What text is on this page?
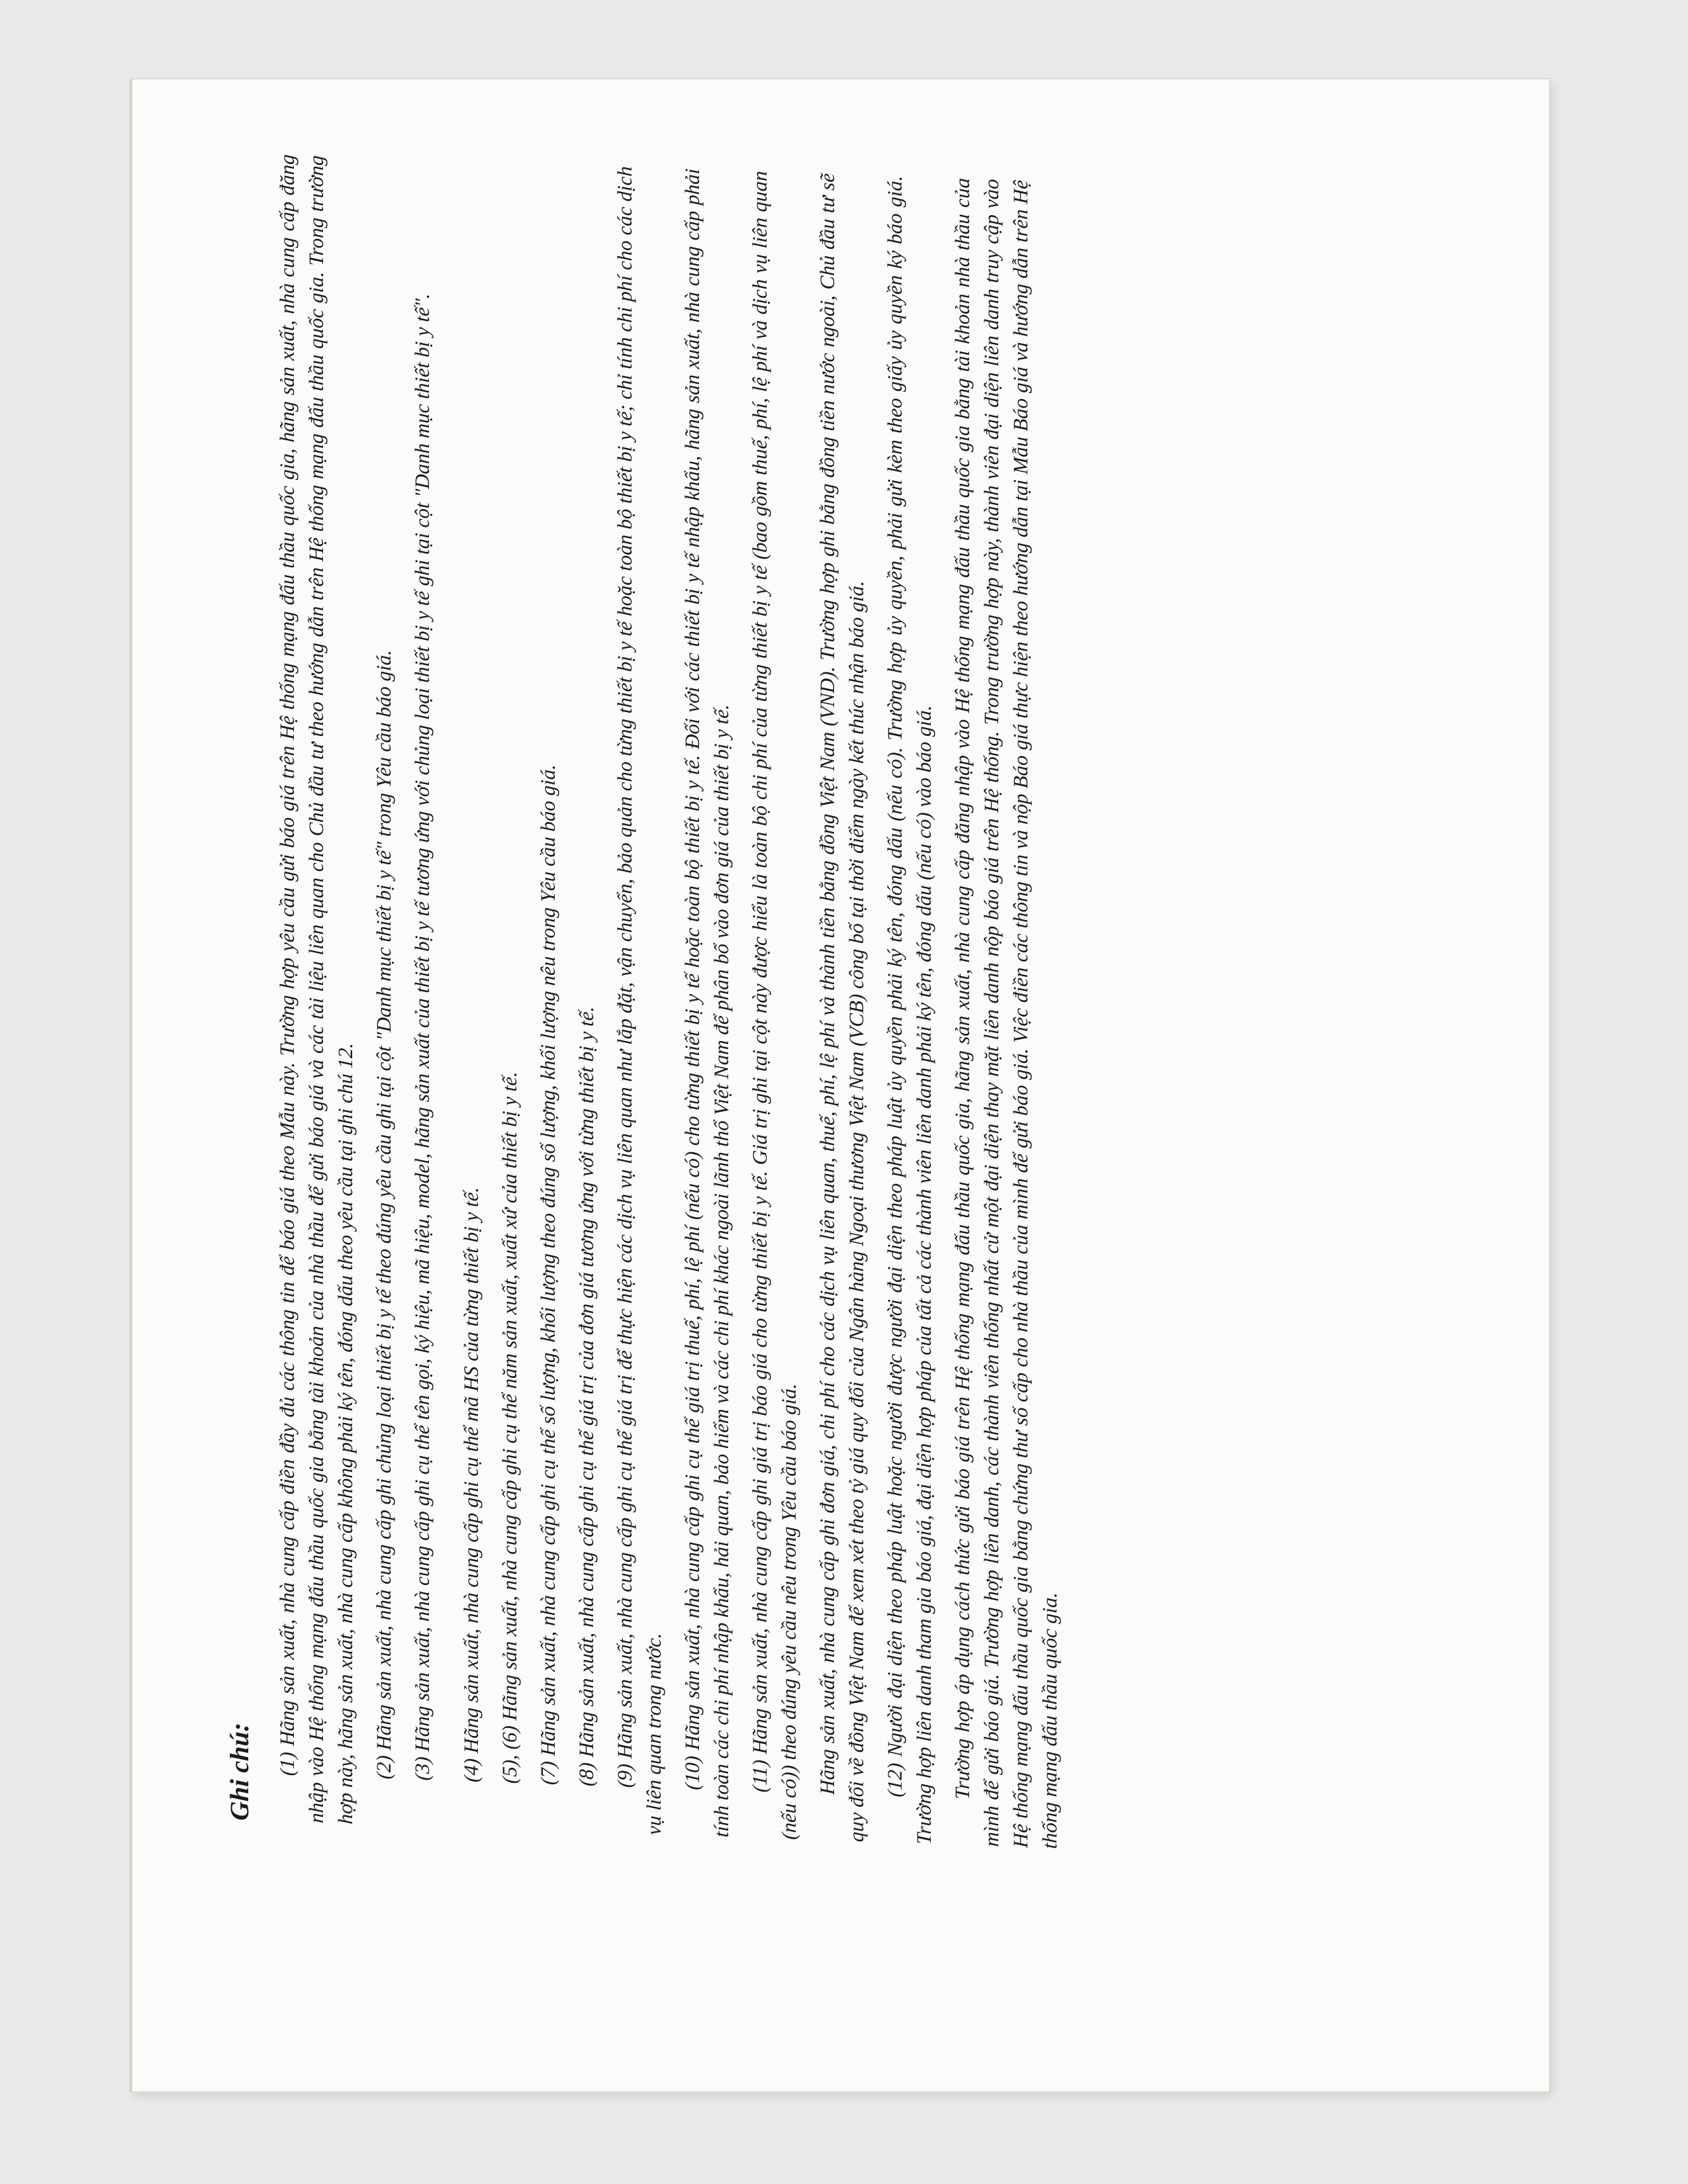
Ghi chú: (1) Hãng sản xuất, nhà cung cấp điền đầy đủ các thông tin để báo giá theo Mẫu này. Trường hợp yêu cầu gửi báo giá trên Hệ thống mạng đấu thầu quốc gia, hãng sản xuất, nhà cung cấp đăng nhập vào Hệ thống mạng đấu thầu quốc gia bằng tài khoản của nhà thầu để gửi báo giá và các tài liệu liên quan cho Chủ đầu tư theo hướng dẫn trên Hệ thống mạng đấu thầu quốc gia. Trong trường hợp này, hãng sản xuất, nhà cung cấp không phải ký tên, đóng dấu theo yêu cầu tại ghi chú 12. (2) Hãng sản xuất, nhà cung cấp ghi chủng loại thiết bị y tế theo đúng yêu cầu ghi tại cột "Danh mục thiết bị y tế" trong Yêu cầu báo giá. (3) Hãng sản xuất, nhà cung cấp ghi cụ thể tên gọi, ký hiệu, mã hiệu, model, hãng sản xuất của thiết bị y tế tương ứng với chủng loại thiết bị y tế ghi tại cột "Danh mục thiết bị y tế". (4) Hãng sản xuất, nhà cung cấp ghi cụ thể mã HS của từng thiết bị y tế. (5), (6) Hãng sản xuất, nhà cung cấp ghi cụ thể năm sản xuất, xuất xứ của thiết bị y tế. (7) Hãng sản xuất, nhà cung cấp ghi cụ thể số lượng, khối lượng theo đúng số lượng, khối lượng nêu trong Yêu cầu báo giá. (8) Hãng sản xuất, nhà cung cấp ghi cụ thể giá trị của đơn giá tương ứng với từng thiết bị y tế. (9) Hãng sản xuất, nhà cung cấp ghi cụ thể giá trị để thực hiện các dịch vụ liên quan như lắp đặt, vận chuyển, bảo quản cho từng thiết bị y tế hoặc toàn bộ thiết bị y tế; chỉ tính chi phí cho các dịch vụ liên quan trong nước. (10) Hãng sản xuất, nhà cung cấp ghi cụ thể giá trị thuế, phí, lệ phí (nếu có) cho từng thiết bị y tế hoặc toàn bộ thiết bị y tế. Đối với các thiết bị y tế nhập khẩu, hãng sản xuất, nhà cung cấp phải tính toàn các chi phí nhập khẩu, hải quan, bảo hiểm và các chi phí khác ngoài lãnh thổ Việt Nam để phân bổ vào đơn giá của thiết bị y tế. (11) Hãng sản xuất, nhà cung cấp ghi giá trị báo giá cho từng thiết bị y tế. Giá trị ghi tại cột này được hiểu là toàn bộ chi phí của từng thiết bị y tế (bao gồm thuế, phí, lệ phí và dịch vụ liên quan (nếu có)) theo đúng yêu cầu nêu trong Yêu cầu báo giá. Hãng sản xuất, nhà cung cấp ghi đơn giá, chi phí cho các dịch vụ liên quan, thuế, phí, lệ phí và thành tiền bằng đồng Việt Nam (VND). Trường hợp ghi bằng đồng tiền nước ngoài, Chủ đầu tư sẽ quy đổi về đồng Việt Nam để xem xét theo tỷ giá quy đổi của Ngân hàng Ngoại thương Việt Nam (VCB) công bố tại thời điểm ngày kết thúc nhận báo giá. (12) Người đại diện theo pháp luật hoặc người được người đại diện theo pháp luật ủy quyền phải ký tên, đóng dấu (nếu có). Trường hợp ủy quyền, phải gửi kèm theo giấy ủy quyền ký báo giá. Trường hợp liên danh tham gia báo giá, đại diện hợp pháp của tất cả các thành viên liên danh phải ký tên, đóng dấu (nếu có) vào báo giá. Trường hợp áp dụng cách thức gửi báo giá trên Hệ thống mạng đấu thầu quốc gia, hãng sản xuất, nhà cung cấp đăng nhập vào Hệ thống mạng đấu thầu quốc gia bằng tài khoản nhà thầu của mình để gửi báo giá. Trường hợp liên danh, các thành viên thống nhất cử một đại diện thay mặt liên danh nộp báo giá trên Hệ thống. Trong trường hợp này, thành viên đại diện liên danh truy cập vào Hệ thống mạng đấu thầu quốc gia bằng chứng thư số cấp cho nhà thầu của mình để gửi báo giá. Việc điền các thông tin và nộp Báo giá thực hiện theo hướng dẫn tại Mẫu Báo giá và hướng dẫn trên Hệ thống mạng đấu thầu quốc gia.
